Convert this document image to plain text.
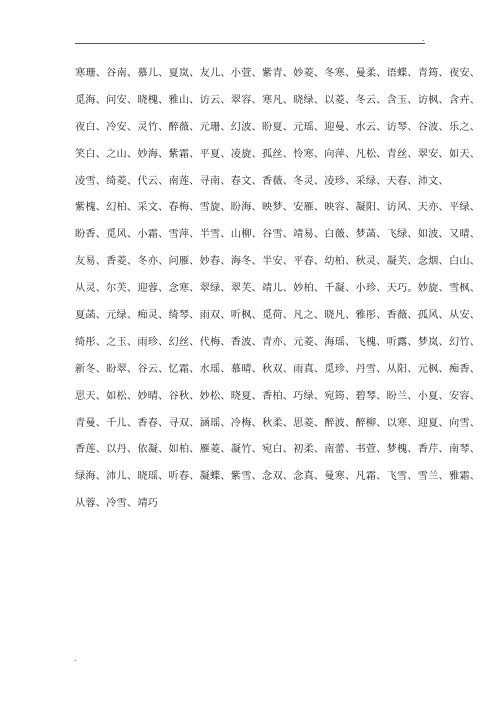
.
寒珊、谷南、慕儿、夏岚、友儿、小萱、紫青、妙菱、冬寒、曼柔、语蝶、青筠、夜安、
觅海、问安、晓槐、雅山、访云、翠容、寒凡、晓绿、以菱、冬云、含玉、访枫、含卉、
夜白、冷安、灵竹、醉薇、元珊、幻波、盼夏、元瑶、迎曼、水云、访琴、谷波、乐之、
笑白、之山、妙海、紫霜、平夏、凌旋、孤丝、怜寒、向萍、凡松、青丝、翠安、如天、
凌雪、绮菱、代云、南莲、寻南、春文、香薇、冬灵、凌珍、采绿、天春、沛文、
紫槐、幻柏、采文、春梅、雪旋、盼海、映梦、安雁、映容、凝阳、访风、天亦、平绿、
盼香、觅风、小霜、雪萍、半雪、山柳、谷雪、靖易、白薇、梦菡、飞绿、如波、又晴、
友易、香菱、冬亦、问雁、妙春、海冬、半安、平春、幼柏、秋灵、凝芙、念烟、白山、
从灵、尔芙、迎蓉、念寒、翠绿、翠芙、靖儿、妙柏、千凝、小珍、天巧。妙旋、雪枫、
夏菡、元绿、痴灵、绮琴、雨双、听枫、觅荷、凡之、晓凡、雅彤、香薇、孤风、从安、
绮彤、之玉、雨珍、幻丝、代梅、香波、青亦、元菱、海瑶、飞槐、听露、梦岚、幻竹、
新冬、盼翠、谷云、忆霜、水瑶、慕晴、秋双、雨真、觅珍、丹雪、从阳、元枫、痴香、
思天、如松、妙晴、谷秋、妙松、晓夏、香柏、巧绿、宛筠、碧琴、盼兰、小夏、安容、
青曼、千儿、香春、寻双、涵瑶、冷梅、秋柔、思菱、醉波、醉柳、以寒、迎夏、向雪、
香莲、以丹、依凝、如柏、雁菱、凝竹、宛白、初柔、南蕾、书萱、梦槐、香芹、南琴、
绿海、沛儿、晓瑶、听春、凝蝶、紫雪、念双、念真、曼寒、凡霜、飞雪、雪兰、雅霜、
从蓉、冷雪、靖巧
.
